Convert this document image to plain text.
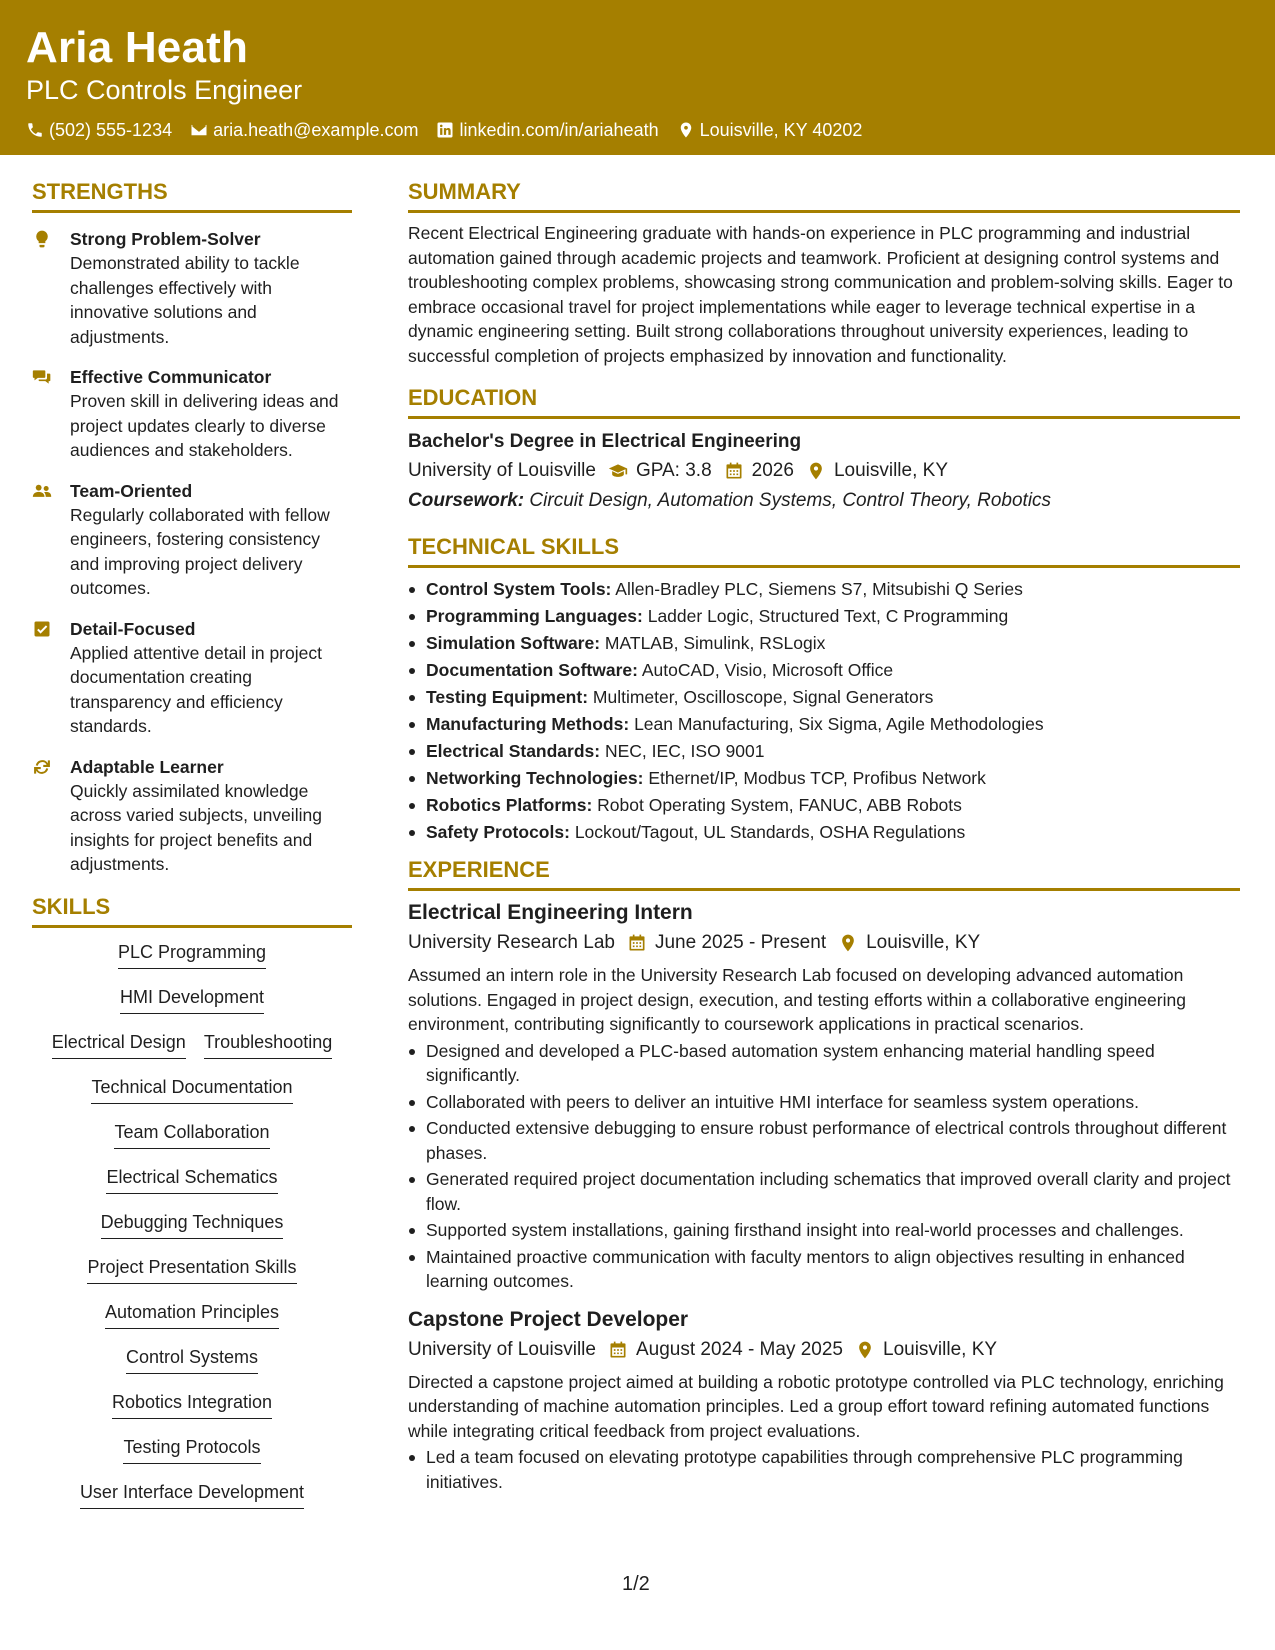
Aria Heath
PLC Controls Engineer
(502) 555-1234 aria.heath@example.com linkedin.com/in/ariaheath Louisville, KY 40202
STRENGTHS
Strong Problem-Solver
Demonstrated ability to tackle challenges effectively with innovative solutions and adjustments.
Effective Communicator
Proven skill in delivering ideas and project updates clearly to diverse audiences and stakeholders.
Team-Oriented
Regularly collaborated with fellow engineers, fostering consistency and improving project delivery outcomes.
Detail-Focused
Applied attentive detail in project documentation creating transparency and efficiency standards.
Adaptable Learner
Quickly assimilated knowledge across varied subjects, unveiling insights for project benefits and adjustments.
SKILLS
PLC Programming
HMI Development
Electrical Design Troubleshooting
Technical Documentation
Team Collaboration
Electrical Schematics
Debugging Techniques
Project Presentation Skills
Automation Principles
Control Systems
Robotics Integration
Testing Protocols
User Interface Development
SUMMARY
Recent Electrical Engineering graduate with hands-on experience in PLC programming and industrial automation gained through academic projects and teamwork. Proficient at designing control systems and troubleshooting complex problems, showcasing strong communication and problem-solving skills. Eager to embrace occasional travel for project implementations while eager to leverage technical expertise in a dynamic engineering setting. Built strong collaborations throughout university experiences, leading to successful completion of projects emphasized by innovation and functionality.
EDUCATION
Bachelor's Degree in Electrical Engineering
University of Louisville GPA: 3.8 2026 Louisville, KY
Coursework: Circuit Design, Automation Systems, Control Theory, Robotics
TECHNICAL SKILLS
Control System Tools: Allen-Bradley PLC, Siemens S7, Mitsubishi Q Series
Programming Languages: Ladder Logic, Structured Text, C Programming
Simulation Software: MATLAB, Simulink, RSLogix
Documentation Software: AutoCAD, Visio, Microsoft Office
Testing Equipment: Multimeter, Oscilloscope, Signal Generators
Manufacturing Methods: Lean Manufacturing, Six Sigma, Agile Methodologies
Electrical Standards: NEC, IEC, ISO 9001
Networking Technologies: Ethernet/IP, Modbus TCP, Profibus Network
Robotics Platforms: Robot Operating System, FANUC, ABB Robots
Safety Protocols: Lockout/Tagout, UL Standards, OSHA Regulations
EXPERIENCE
Electrical Engineering Intern
University Research Lab June 2025 - Present Louisville, KY
Assumed an intern role in the University Research Lab focused on developing advanced automation solutions. Engaged in project design, execution, and testing efforts within a collaborative engineering environment, contributing significantly to coursework applications in practical scenarios.
Designed and developed a PLC-based automation system enhancing material handling speed significantly.
Collaborated with peers to deliver an intuitive HMI interface for seamless system operations.
Conducted extensive debugging to ensure robust performance of electrical controls throughout different phases.
Generated required project documentation including schematics that improved overall clarity and project flow.
Supported system installations, gaining firsthand insight into real-world processes and challenges.
Maintained proactive communication with faculty mentors to align objectives resulting in enhanced learning outcomes.
Capstone Project Developer
University of Louisville August 2024 - May 2025 Louisville, KY
Directed a capstone project aimed at building a robotic prototype controlled via PLC technology, enriching understanding of machine automation principles. Led a group effort toward refining automated functions while integrating critical feedback from project evaluations.
Led a team focused on elevating prototype capabilities through comprehensive PLC programming initiatives.
1/2
